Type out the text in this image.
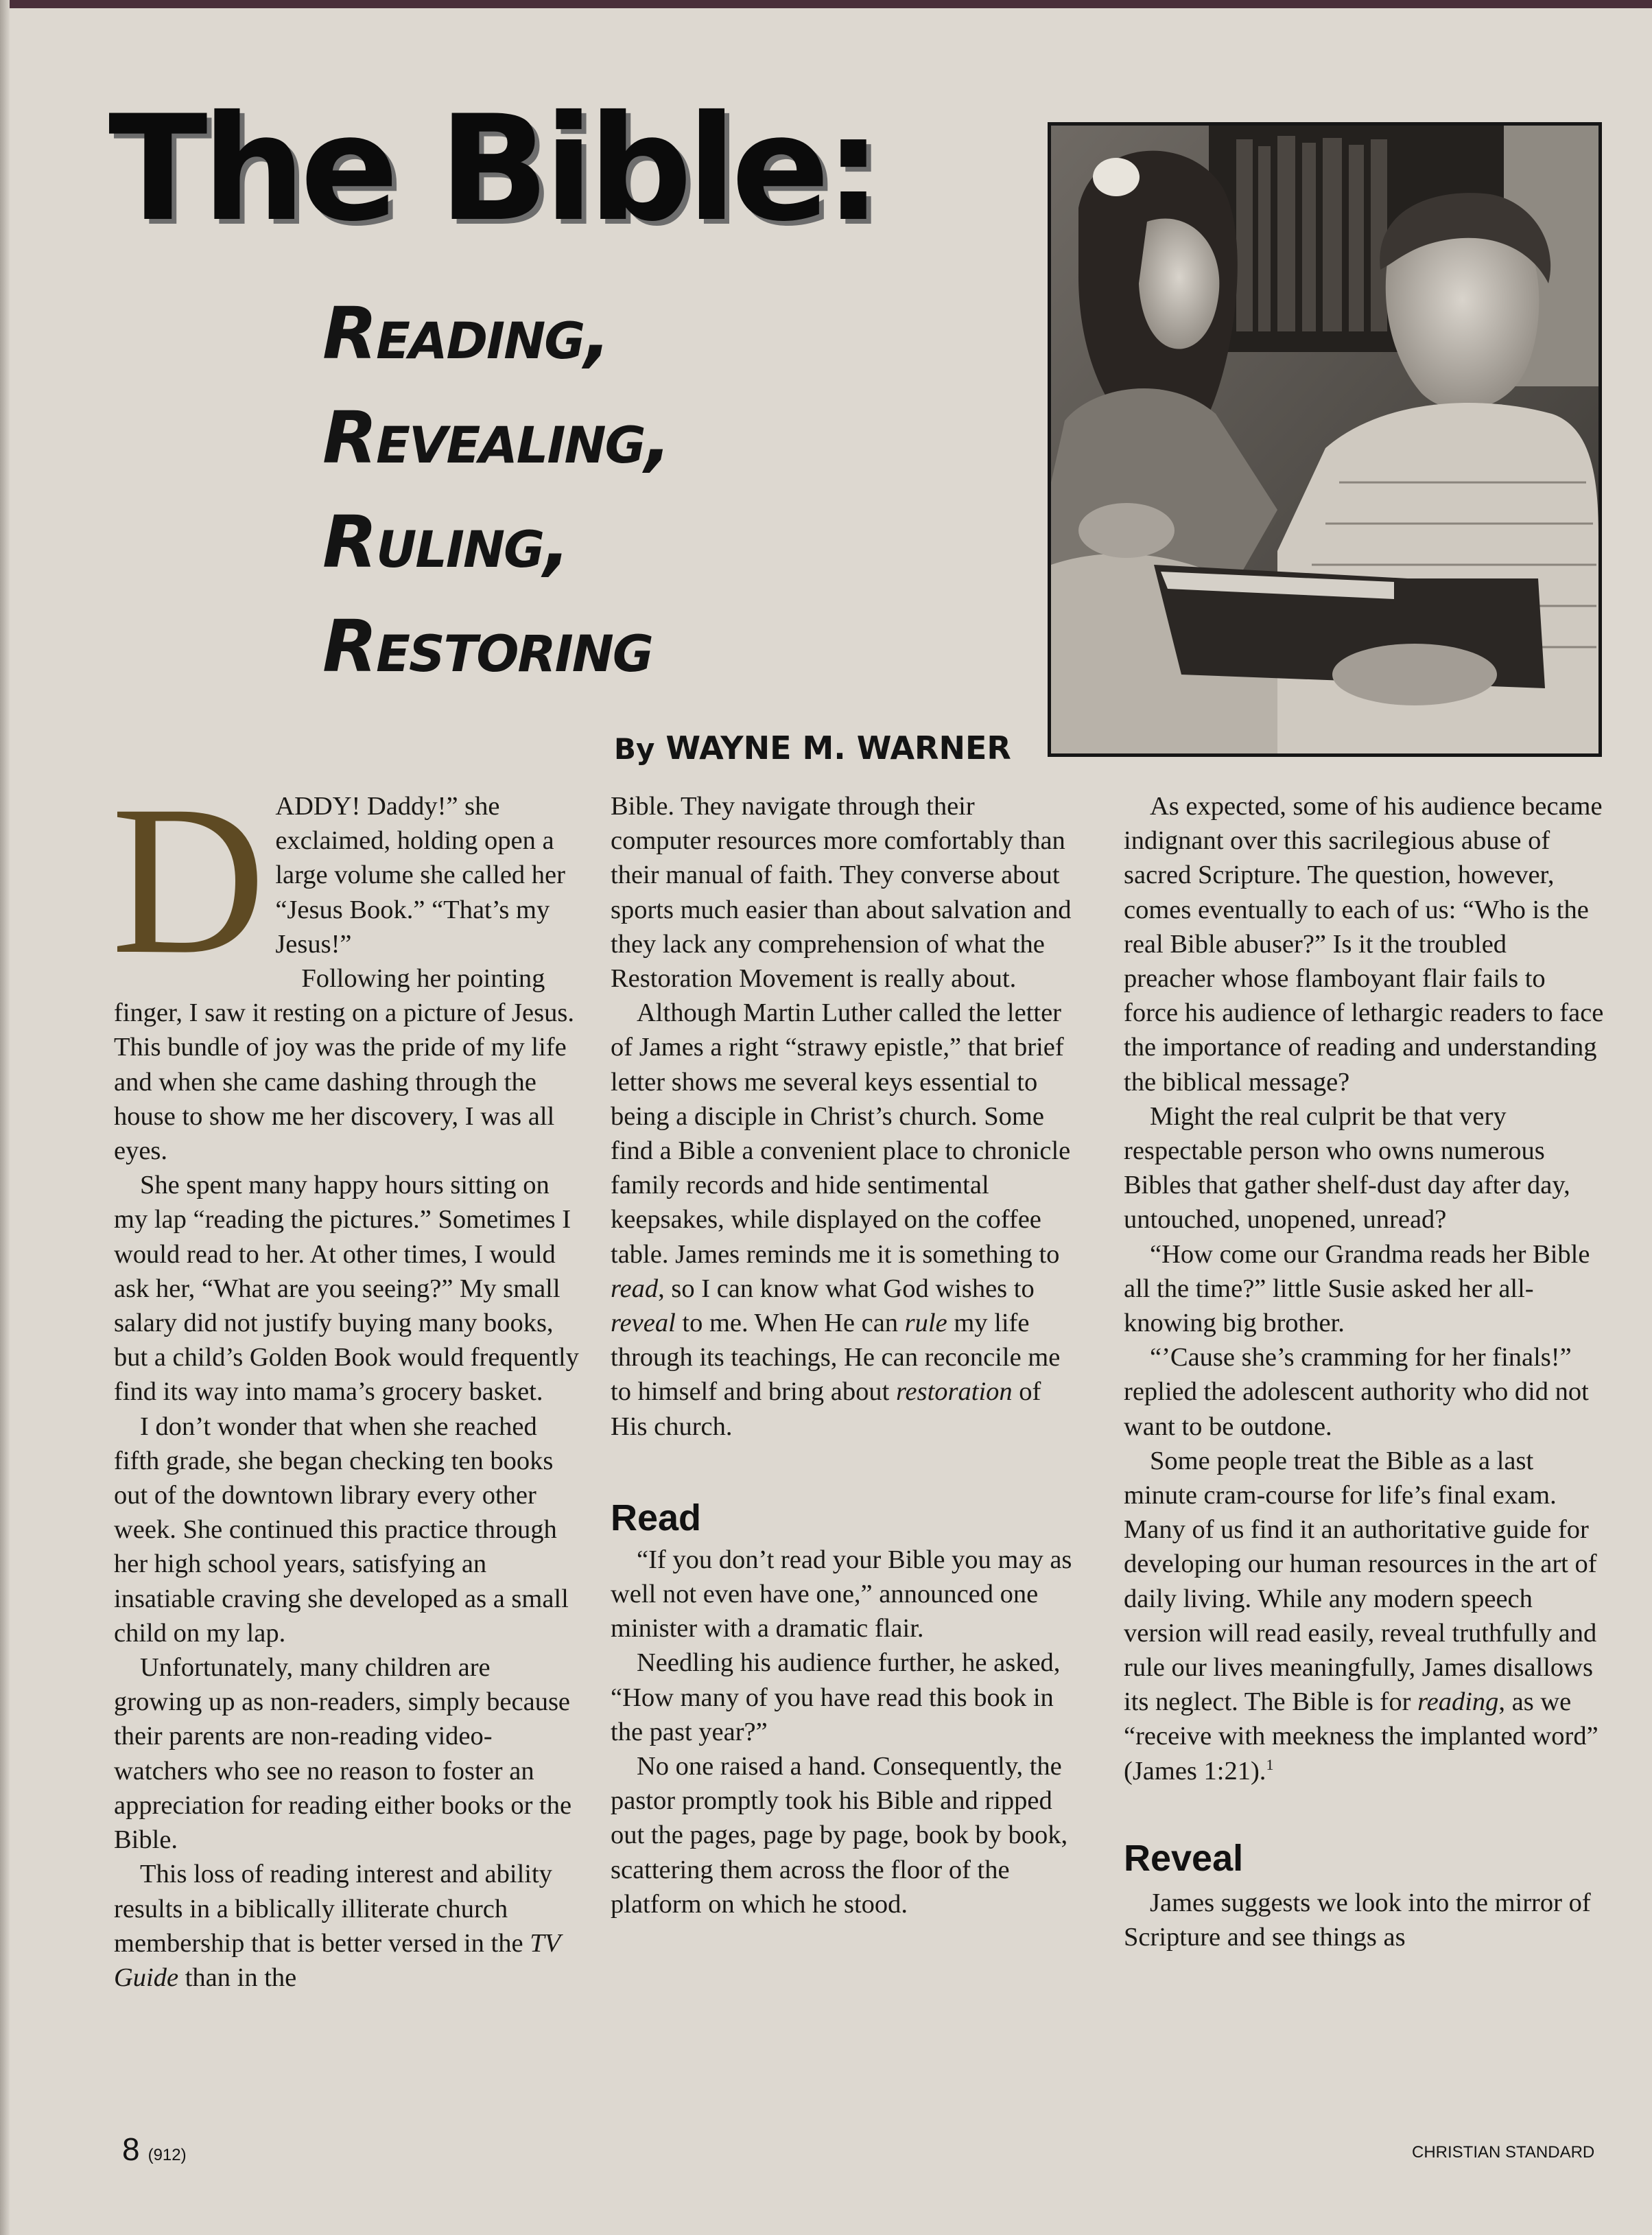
The Bible:
Reading,
Revealing,
Ruling,
Restoring
By WAYNE M. WARNER

DADDY! Daddy!” she exclaimed, holding open a large volume she called her “Jesus Book.” “That’s my Jesus!”

Following her pointing finger, I saw it resting on a picture of Jesus. This bundle of joy was the pride of my life and when she came dashing through the house to show me her discovery, I was all eyes.

She spent many happy hours sitting on my lap “reading the pictures.” Sometimes I would read to her. At other times, I would ask her, “What are you seeing?” My small salary did not justify buying many books, but a child’s Golden Book would frequently find its way into mama’s grocery basket.

I don’t wonder that when she reached fifth grade, she began checking ten books out of the downtown library every other week. She continued this practice through her high school years, satisfying an insatiable craving she developed as a small child on my lap.

Unfortunately, many children are growing up as non-readers, simply because their parents are non-reading video-watchers who see no reason to foster an appreciation for reading either books or the Bible.

This loss of reading interest and ability results in a biblically illiterate church membership that is better versed in the TV Guide than in the

Bible. They navigate through their computer resources more comfortably than their manual of faith. They converse about sports much easier than about salvation and they lack any comprehension of what the Restoration Movement is really about.

Although Martin Luther called the letter of James a right “strawy epistle,” that brief letter shows me several keys essential to being a disciple in Christ’s church. Some find a Bible a convenient place to chronicle family records and hide sentimental keepsakes, while displayed on the coffee table. James reminds me it is something to read, so I can know what God wishes to reveal to me. When He can rule my life through its teachings, He can reconcile me to himself and bring about restoration of His church.

Read

“If you don’t read your Bible you may as well not even have one,” announced one minister with a dramatic flair.

Needling his audience further, he asked, “How many of you have read this book in the past year?”

No one raised a hand. Consequently, the pastor promptly took his Bible and ripped out the pages, page by page, book by book, scattering them across the floor of the platform on which he stood.

As expected, some of his audience became indignant over this sacrilegious abuse of sacred Scripture. The question, however, comes eventually to each of us: “Who is the real Bible abuser?” Is it the troubled preacher whose flamboyant flair fails to force his audience of lethargic readers to face the importance of reading and understanding the biblical message?

Might the real culprit be that very respectable person who owns numerous Bibles that gather shelf-dust day after day, untouched, unopened, unread?

“How come our Grandma reads her Bible all the time?” little Susie asked her all-knowing big brother.

“’Cause she’s cramming for her finals!” replied the adolescent authority who did not want to be outdone.

Some people treat the Bible as a last minute cram-course for life’s final exam. Many of us find it an authoritative guide for developing our human resources in the art of daily living. While any modern speech version will read easily, reveal truthfully and rule our lives meaningfully, James disallows its neglect. The Bible is for reading, as we “receive with meekness the implanted word” (James 1:21).$^1$

Reveal

James suggests we look into the mirror of Scripture and see things as

8 (912)	CHRISTIAN STANDARD
